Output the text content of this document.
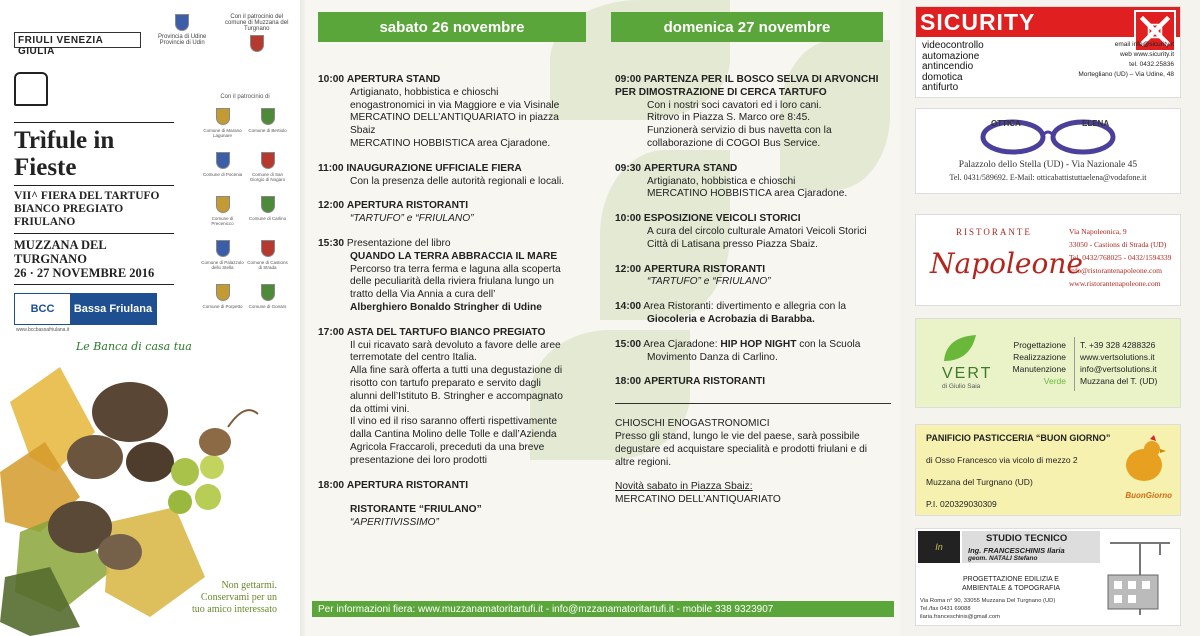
FRIULI VENEZIA GIULIA
Provincia di Udine
Provincie di Udin
Con il patrocinio del comune di Muzzana del Turgnano
Trìfule in Fieste
VII^ FIERA DEL TARTUFO BIANCO PREGIATO FRIULANO
MUZZANA DEL TURGNANO
26 · 27 NOVEMBRE 2016
Con il patrocinio di
Comune di Marano Lagunare
Comune di Bertiolo
Comune di Pocenia	Comune di San Giorgio di Nogaro
Comune di Precenicco
Comune di Carlino
Comune di Palazzolo dello Stella
Comune di Castions di Strada
Comune di Porpetto Comune di Gonars
BCC	Bassa Friulana
www.bccbassafriulana.it
Le Banca di casa tua
Non gettarmi. Conservami per un tuo amico interessato
sabato 26 novembre	domenica 27 novembre
10:00 APERTURA STAND
Artigianato, hobbistica e chioschi
enogastronomici in via Maggiore e via Visinale
MERCATINO DELL’ANTIQUARIATO in piazza
Sbaiz
MERCATINO HOBBISTICA area Cjaradone.
11:00 INAUGURAZIONE UFFICIALE FIERA
Con la presenza delle autorità regionali e locali.
12:00 APERTURA RISTORANTI
“TARTUFO” e “FRIULANO”
15:30 Presentazione del libro
QUANDO LA TERRA ABBRACCIA IL MARE
Percorso tra terra ferma e laguna alla scoperta
delle peculiarità della riviera friulana lungo un
tratto della Via Annia a cura dell’
Alberghiero Bonaldo Stringher di Udine
17:00 ASTA DEL TARTUFO BIANCO PREGIATO
Il cui ricavato sarà devoluto a favore delle aree
terremotate del centro Italia.
Alla fine sarà offerta a tutti una degustazione di
risotto con tartufo preparato e servito dagli
alunni dell’Istituto B. Stringher e accompagnato
da ottimi vini.
Il vino ed il riso saranno offerti rispettivamente
dalla Cantina Molino delle Tolle e dall’Azienda
Agricola Fraccaroli, preceduti da una breve
presentazione dei loro prodotti
18:00 APERTURA RISTORANTI
RISTORANTE “FRIULANO”
“APERITIVISSIMO”
09:00 PARTENZA PER IL BOSCO SELVA DI ARVONCHI PER DIMOSTRAZIONE DI CERCA TARTUFO
Con i nostri soci cavatori ed i loro cani.
Ritrovo in Piazza S. Marco ore 8:45.
Funzionerà servizio di bus navetta con la
collaborazione di COGOI Bus Service.
09:30 APERTURA STAND
Artigianato, hobbistica e chioschi
MERCATINO HOBBISTICA area Cjaradone.
10:00 ESPOSIZIONE VEICOLI STORICI
A cura del circolo culturale Amatori Veicoli Storici
Città di Latisana presso Piazza Sbaiz.
12:00 APERTURA RISTORANTI
“TARTUFO” e “FRIULANO”
14:00 Area Ristoranti: divertimento e allegria con la
Giocoleria e Acrobazia di Barabba.
15:00 Area Cjaradone: HIP HOP NIGHT con la Scuola
Movimento Danza di Carlino.
18:00 APERTURA RISTORANTI
CHIOSCHI ENOGASTRONOMICI
Presso gli stand, lungo le vie del paese, sarà possibile
degustare ed acquistare specialità e prodotti friulani e di
altre regioni.
Novità sabato in Piazza Sbaiz:
MERCATINO DELL’ANTIQUARIATO
Per informazioni fiera: www.muzzanamatoritartufi.it - info@mzzanamatoritartufi.it - mobile 338 9323907
SICURITY
videocontrollo
automazione
antincendio
domotica
antifurto
email info@sicurity.it
web www.sicurity.it
tel. 0432.25836
Mortegliano (UD) – Via Udine, 48
OTTICA	ELENA
Palazzolo dello Stella (UD) - Via Nazionale 45
Tel. 0431/589692. E-Mail: otticabattistuttaelena@vodafone.it
RISTORANTE
Napoleone
Via Napoleonica, 9
33050 - Castions di Strada (UD)
Tel. 0432/768025 - 0432/1594339
info@ristorantenapoleone.com
www.ristorantenapoleone.com
VERT
di Giulio Saia
Progettazione
Realizzazione
Manutenzione
Verde
T. +39 328 4288326
www.vertsolutions.it
info@vertsolutions.it
Muzzana del T. (UD)
PANIFICIO PASTICCERIA “BUON GIORNO”
di Osso Francesco via vicolo di mezzo 2
Muzzana del Turgnano (UD)
P.I. 020329030309
BuonGiorno
In
STUDIO TECNICO
Ing. FRANCESCHINIS Ilaria
geom. NATALI Stefano
PROGETTAZIONE EDILIZIA E
AMBIENTALE & TOPOGRAFIA
Via Roma n° 90, 33055 Muzzana Del Turgnano (UD)
Tel./fax 0431 69088
ilaria.franceschinis@gmail.com
